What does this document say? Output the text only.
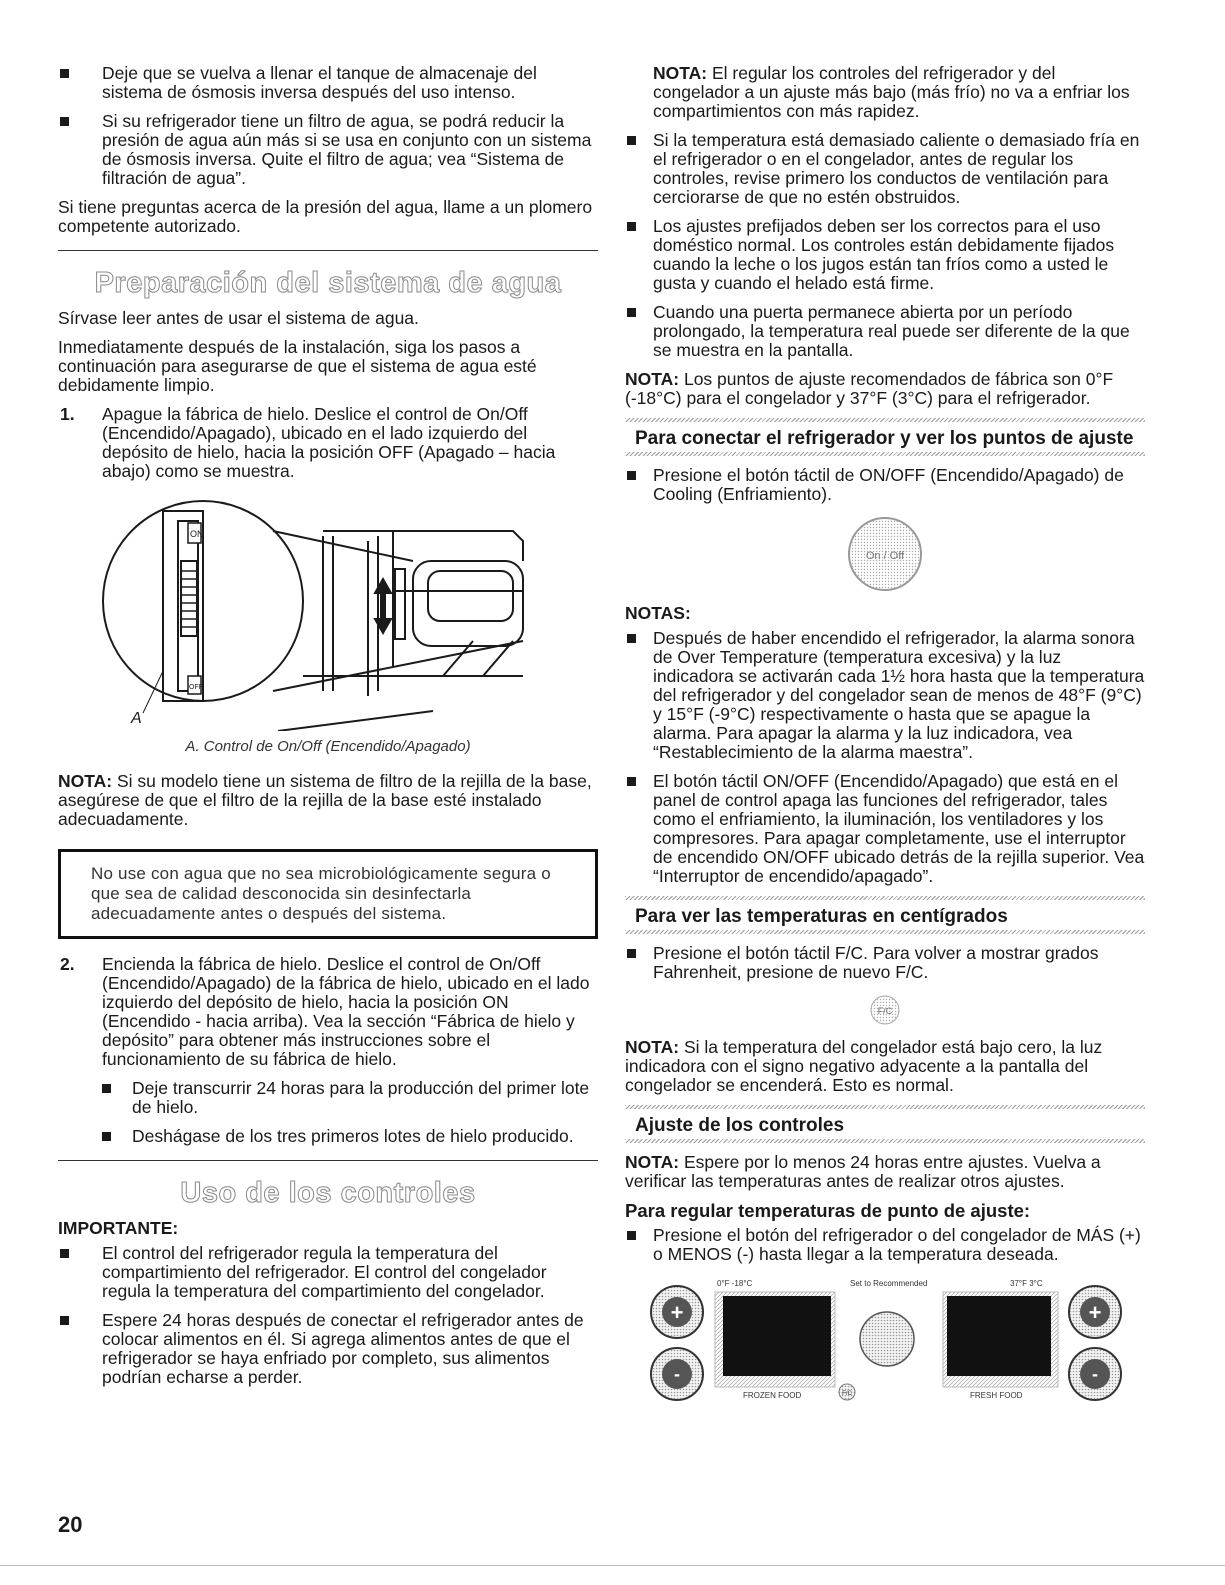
Deje que se vuelva a llenar el tanque de almacenaje del sistema de ósmosis inversa después del uso intenso.
Si su refrigerador tiene un filtro de agua, se podrá reducir la presión de agua aún más si se usa en conjunto con un sistema de ósmosis inversa. Quite el filtro de agua; vea “Sistema de filtración de agua”.

Si tiene preguntas acerca de la presión del agua, llame a un plomero competente autorizado.

Preparación del sistema de agua

Sírvase leer antes de usar el sistema de agua.

Inmediatamente después de la instalación, siga los pasos a continuación para asegurarse de que el sistema de agua esté debidamente limpio.

1. Apague la fábrica de hielo. Deslice el control de On/Off (Encendido/Apagado), ubicado en el lado izquierdo del depósito de hielo, hacia la posición OFF (Apagado – hacia abajo) como se muestra.
ON
OFF
A
A. Control de On/Off (Encendido/Apagado)

NOTA: Si su modelo tiene un sistema de filtro de la rejilla de la base, asegúrese de que el filtro de la rejilla de la base esté instalado adecuadamente.

No use con agua que no sea microbiológicamente segura o que sea de calidad desconocida sin desinfectarla adecuadamente antes o después del sistema.
2. Encienda la fábrica de hielo. Deslice el control de On/Off (Encendido/Apagado) de la fábrica de hielo, ubicado en el lado izquierdo del depósito de hielo, hacia la posición ON (Encendido - hacia arriba). Vea la sección “Fábrica de hielo y depósito” para obtener más instrucciones sobre el funcionamiento de su fábrica de hielo.
Deje transcurrir 24 horas para la producción del primer lote de hielo.
Deshágase de los tres primeros lotes de hielo producido.
Uso de los controles

IMPORTANTE:

El control del refrigerador regula la temperatura del compartimiento del refrigerador. El control del congelador regula la temperatura del compartimiento del congelador.
Espere 24 horas después de conectar el refrigerador antes de colocar alimentos en él. Si agrega alimentos antes de que el refrigerador se haya enfriado por completo, sus alimentos podrían echarse a perder.

NOTA: El regular los controles del refrigerador y del congelador a un ajuste más bajo (más frío) no va a enfriar los compartimientos con más rapidez.

Si la temperatura está demasiado caliente o demasiado fría en el refrigerador o en el congelador, antes de regular los controles, revise primero los conductos de ventilación para cerciorarse de que no estén obstruidos.
Los ajustes prefijados deben ser los correctos para el uso doméstico normal. Los controles están debidamente fijados cuando la leche o los jugos están tan fríos como a usted le gusta y cuando el helado está firme.
Cuando una puerta permanece abierta por un período prolongado, la temperatura real puede ser diferente de la que se muestra en la pantalla.

NOTA: Los puntos de ajuste recomendados de fábrica son 0°F (-18°C) para el congelador y 37°F (3°C) para el refrigerador.

Para conectar el refrigerador y ver los puntos de ajuste
Presione el botón táctil de ON/OFF (Encendido/Apagado) de Cooling (Enfriamiento).
On / Off

NOTAS:

Después de haber encendido el refrigerador, la alarma sonora de Over Temperature (temperatura excesiva) y la luz indicadora se activarán cada 1½ hora hasta que la temperatura del refrigerador y del congelador sean de menos de 48°F (9°C) y 15°F (-9°C) respectivamente o hasta que se apague la alarma. Para apagar la alarma y la luz indicadora, vea “Restablecimiento de la alarma maestra”.
El botón táctil ON/OFF (Encendido/Apagado) que está en el panel de control apaga las funciones del refrigerador, tales como el enfriamiento, la iluminación, los ventiladores y los compresores. Para apagar completamente, use el interruptor de encendido ON/OFF ubicado detrás de la rejilla superior. Vea “Interruptor de encendido/apagado”.
Para ver las temperaturas en centígrados
Presione el botón táctil F/C. Para volver a mostrar grados Fahrenheit, presione de nuevo F/C.
F/C

NOTA: Si la temperatura del congelador está bajo cero, la luz indicadora con el signo negativo adyacente a la pantalla del congelador se encenderá. Esto es normal.

Ajuste de los controles

NOTA: Espere por lo menos 24 horas entre ajustes. Vuelva a verificar las temperaturas antes de realizar otros ajustes.

Para regular temperaturas de punto de ajuste:
Presione el botón del refrigerador o del congelador de MÁS (+) o MENOS (-) hasta llegar a la temperatura deseada.
0°F -18°C	Set to Recommended	37°F 3°C
FROZEN FOOD	FRESH FOOD
+
-
F/C
+
-
20
